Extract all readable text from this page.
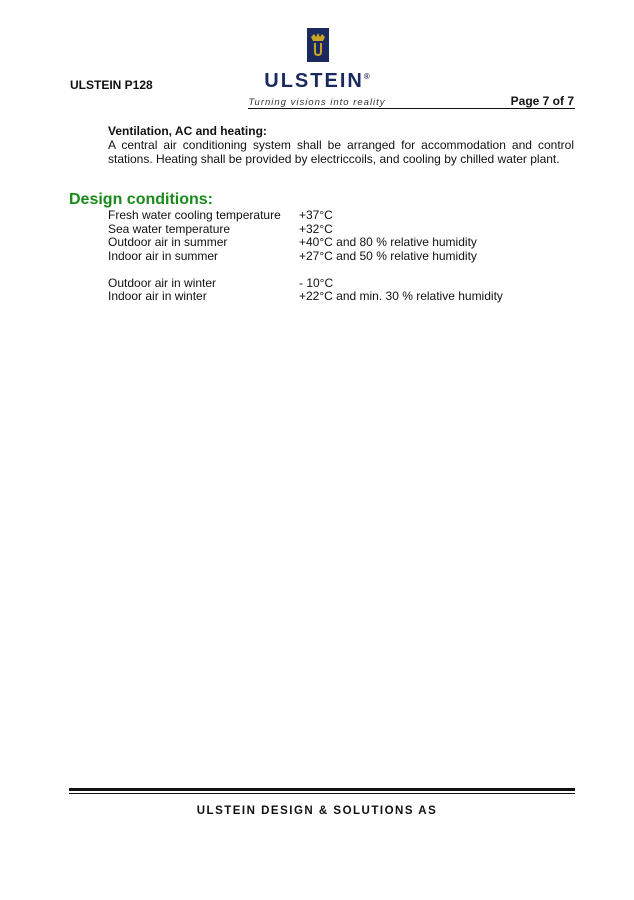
ULSTEIN P128	ULSTEIN®
Turning visions into reality	Page 7 of 7
Ventilation, AC and heating:
A central air conditioning system shall be arranged for accommodation and control stations. Heating shall be provided by electriccoils, and cooling by chilled water plant.
Design conditions:
Fresh water cooling temperature	+37°C
Sea water temperature	+32°C
Outdoor air in summer	+40°C and 80 % relative humidity
Indoor air in summer	+27°C and 50 % relative humidity
Outdoor air in winter	- 10°C
Indoor air in winter	+22°C and min. 30 % relative humidity
ULSTEIN DESIGN & SOLUTIONS AS
